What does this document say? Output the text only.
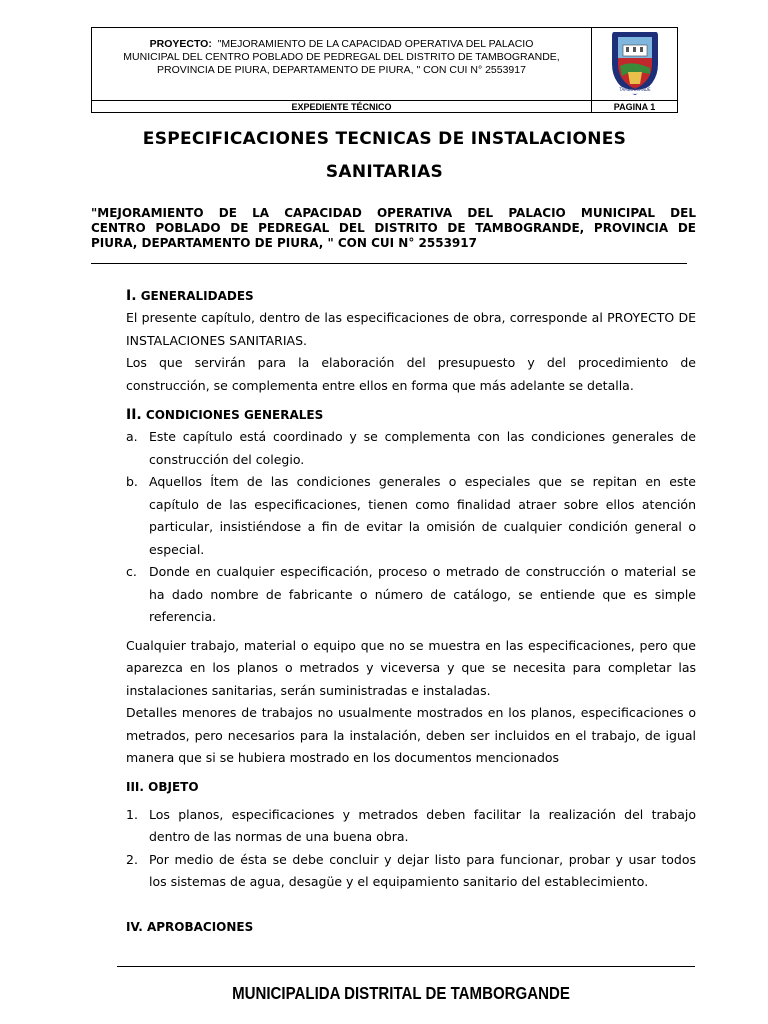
PROYECTO: "MEJORAMIENTO DE LA CAPACIDAD OPERATIVA DEL PALACIO MUNICIPAL DEL CENTRO POBLADO DE PEDREGAL DEL DISTRITO DE TAMBOGRANDE, PROVINCIA DE PIURA, DEPARTAMENTO DE PIURA, " CON CUI N° 2553917
TAMBOGRANDE
EXPEDIENTE TÉCNICO	PAGINA 1
ESPECIFICACIONES TECNICAS DE INSTALACIONES
SANITARIAS
"MEJORAMIENTO DE LA CAPACIDAD OPERATIVA DEL PALACIO MUNICIPAL DEL
CENTRO POBLADO DE PEDREGAL DEL DISTRITO DE TAMBOGRANDE, PROVINCIA DE
PIURA, DEPARTAMENTO DE PIURA, " CON CUI N° 2553917
I. GENERALIDADES

El presente capítulo, dentro de las especificaciones de obra, corresponde al PROYECTO DE
INSTALACIONES SANITARIAS.

Los que servirán para la elaboración del presupuesto y del procedimiento de
construcción, se complementa entre ellos en forma que más adelante se detalla.

II. CONDICIONES GENERALES
a. Este capítulo está coordinado y se complementa con las condiciones generales de
construcción del colegio.
b. Aquellos Ítem de las condiciones generales o especiales que se repitan en este
capítulo de las especificaciones, tienen como finalidad atraer sobre ellos atención
particular, insistiéndose a fin de evitar la omisión de cualquier condición general o
especial.
c. Donde en cualquier especificación, proceso o metrado de construcción o material se
ha dado nombre de fabricante o número de catálogo, se entiende que es simple
referencia.

Cualquier trabajo, material o equipo que no se muestra en las especificaciones, pero que
aparezca en los planos o metrados y viceversa y que se necesita para completar las
instalaciones sanitarias, serán suministradas e instaladas.

Detalles menores de trabajos no usualmente mostrados en los planos, especificaciones o
metrados, pero necesarios para la instalación, deben ser incluidos en el trabajo, de igual
manera que si se hubiera mostrado en los documentos mencionados

III. OBJETO
1. Los planos, especificaciones y metrados deben facilitar la realización del trabajo
dentro de las normas de una buena obra.
2. Por medio de ésta se debe concluir y dejar listo para funcionar, probar y usar todos
los sistemas de agua, desagüe y el equipamiento sanitario del establecimiento.
IV. APROBACIONES
MUNICIPALIDA DISTRITAL DE TAMBORGANDE
